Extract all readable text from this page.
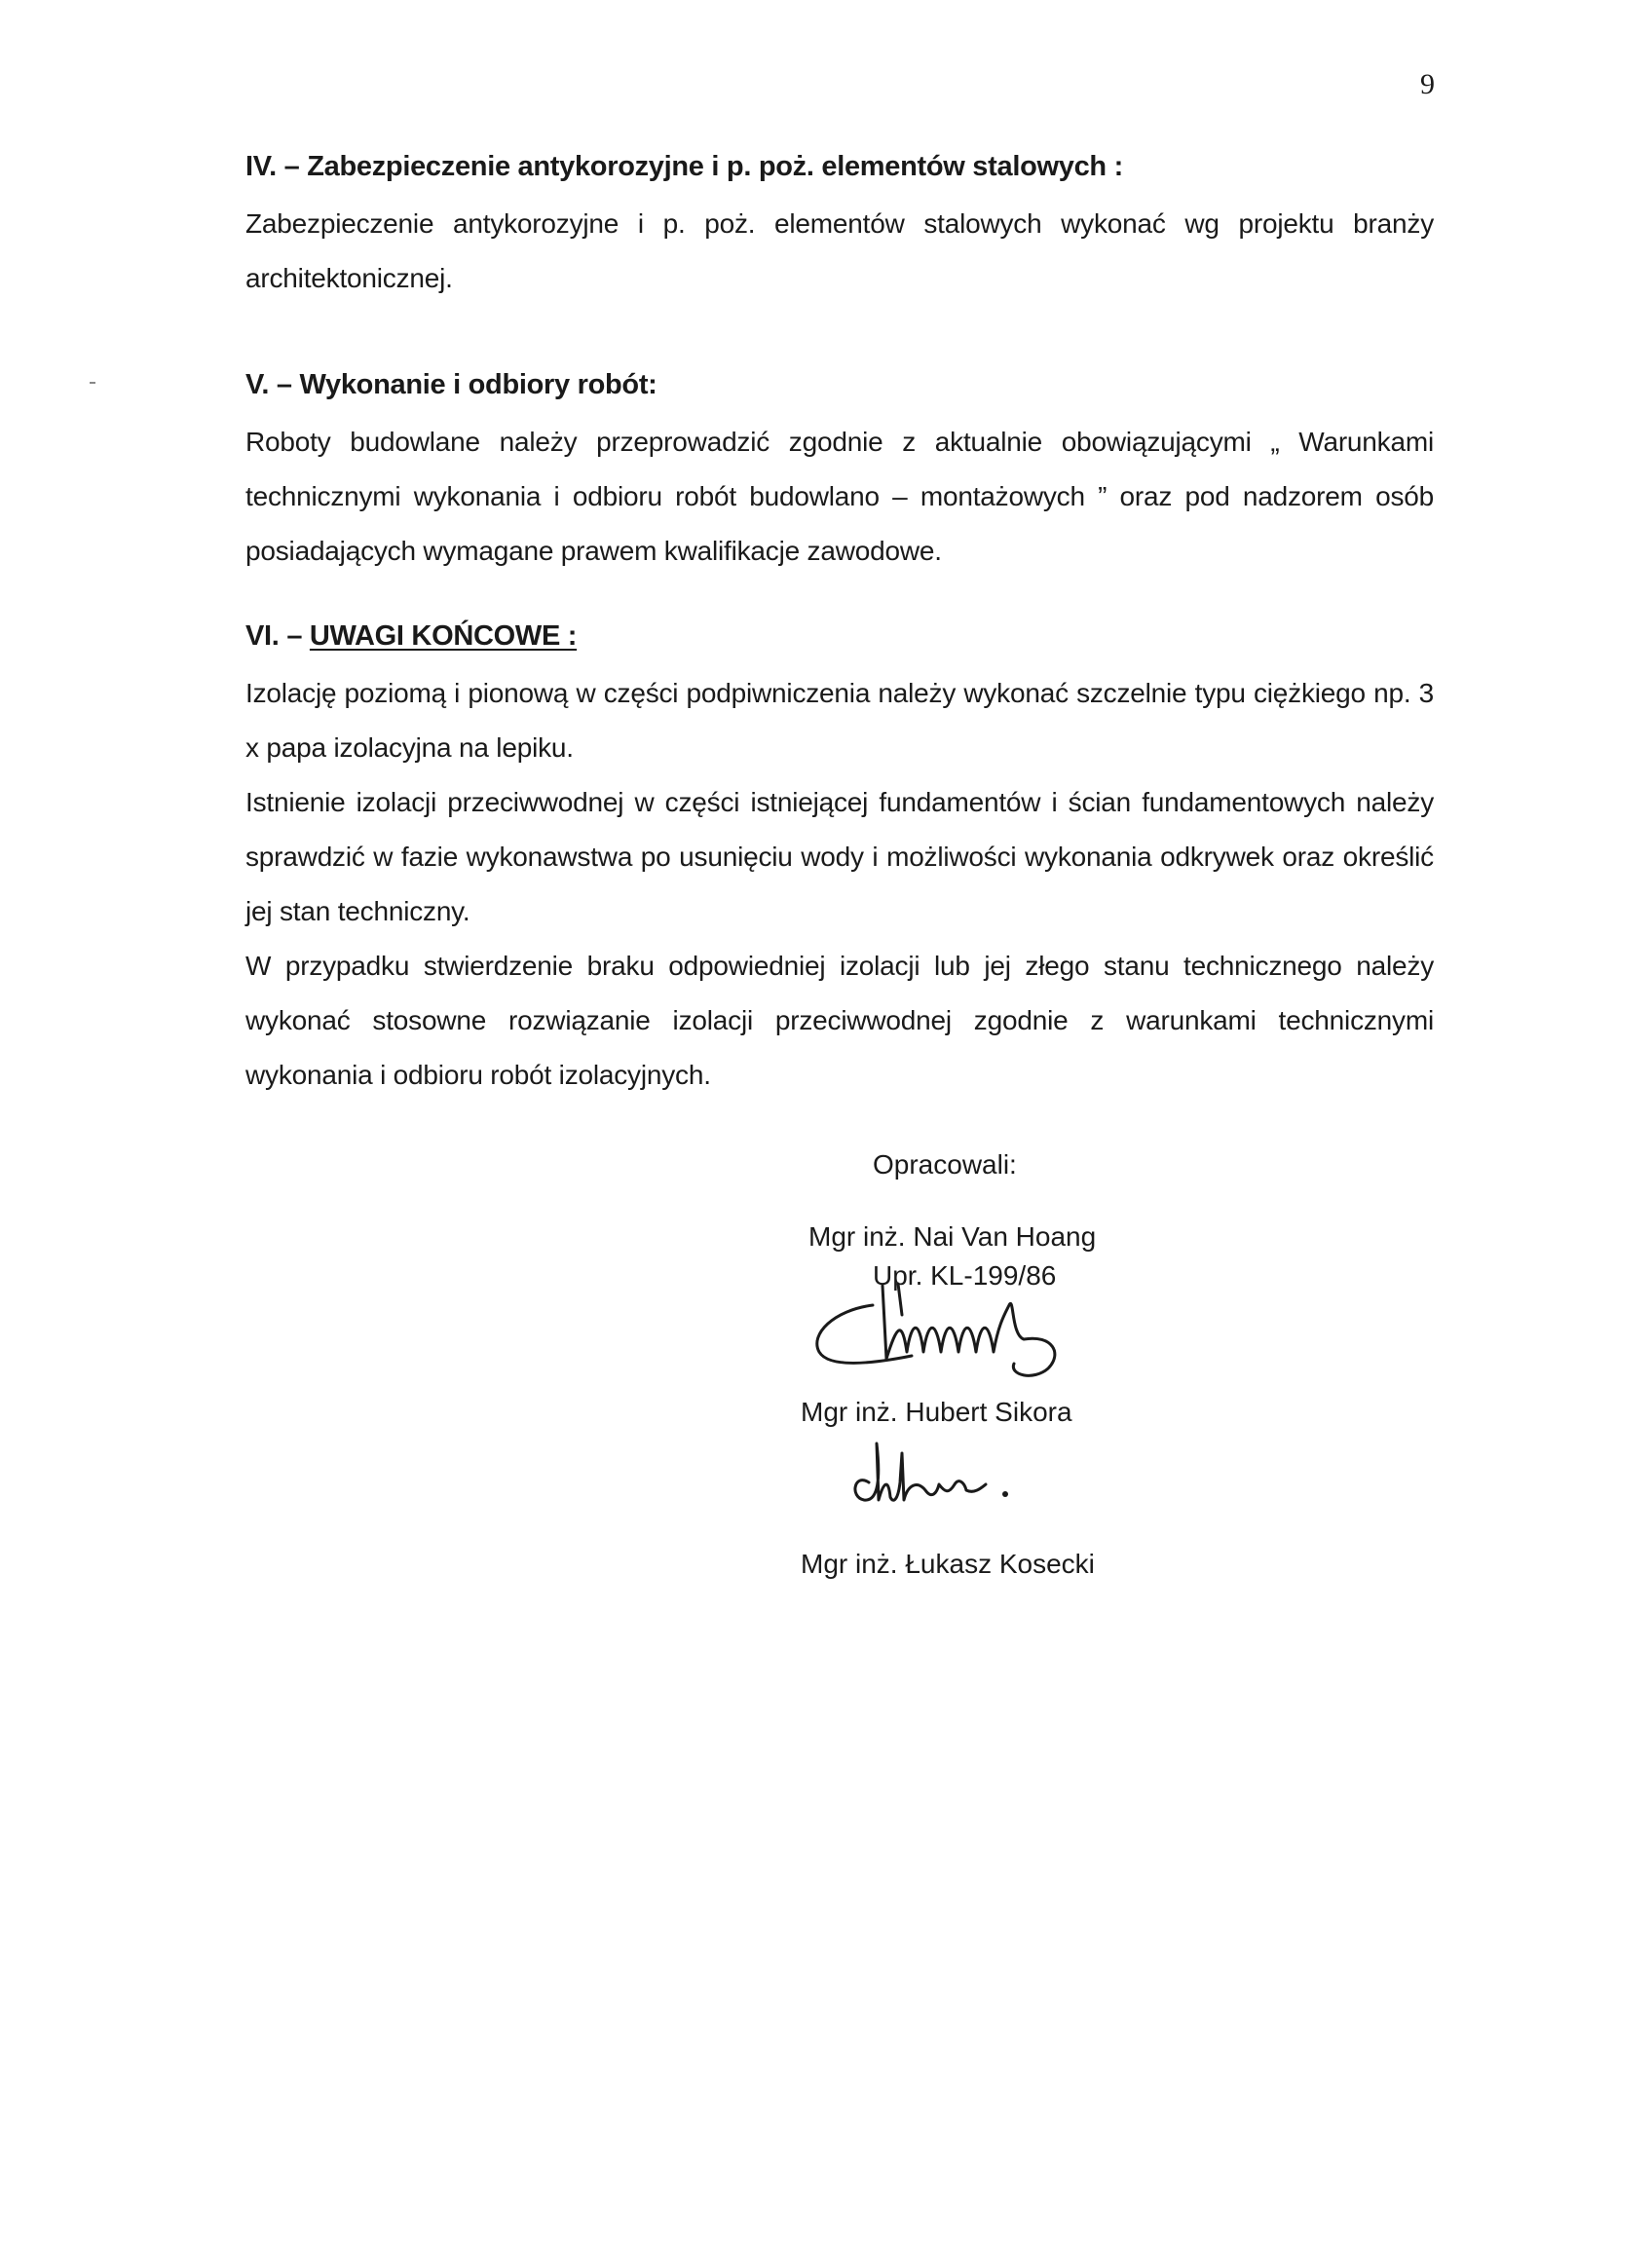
9
IV. – Zabezpieczenie antykorozyjne i p. poż. elementów stalowych :

Zabezpieczenie antykorozyjne i p. poż. elementów stalowych wykonać wg projektu branży architektonicznej.

V. – Wykonanie i odbiory robót:

Roboty budowlane należy przeprowadzić zgodnie z aktualnie obowiązującymi „ Warunkami technicznymi wykonania i odbioru robót budowlano – montażowych ” oraz pod nadzorem osób posiadających wymagane prawem kwalifikacje zawodowe.

VI. – UWAGI KOŃCOWE :

Izolację poziomą i pionową w części podpiwniczenia należy wykonać szczelnie typu ciężkiego np. 3 x papa izolacyjna na lepiku.

Istnienie izolacji przeciwwodnej w części istniejącej fundamentów i ścian fundamentowych należy sprawdzić w fazie wykonawstwa po usunięciu wody i możliwości wykonania odkrywek oraz określić jej stan techniczny.

W przypadku stwierdzenie braku odpowiedniej izolacji lub jej złego stanu technicznego należy wykonać stosowne rozwiązanie izolacji przeciwwodnej zgodnie z warunkami technicznymi wykonania i odbioru robót izolacyjnych.

Opracowali:
Mgr inż. Nai Van Hoang
Upr. KL-199/86
Mgr inż. Hubert Sikora
Mgr inż. Łukasz Kosecki
